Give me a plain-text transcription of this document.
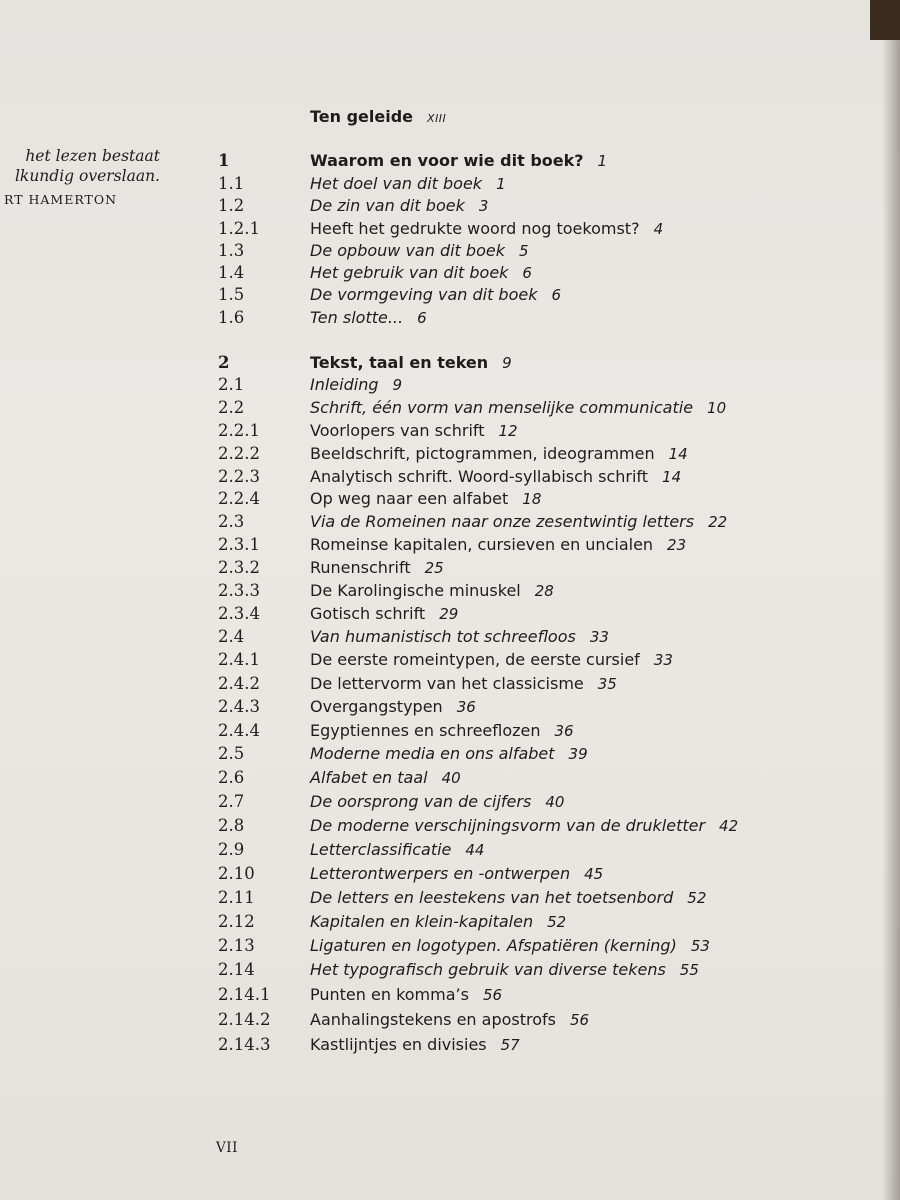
het lezen bestaat
lkundig overslaan.
RT HAMERTON
Ten geleide XIII
1	Waarom en voor wie dit boek? 1
1.1	Het doel van dit boek 1
1.2	De zin van dit boek 3
1.2.1	Heeft het gedrukte woord nog toekomst? 4
1.3	De opbouw van dit boek 5
1.4	Het gebruik van dit boek 6
1.5	De vormgeving van dit boek 6
1.6	Ten slotte... 6
2	Tekst, taal en teken 9
2.1	Inleiding 9
2.2	Schrift, één vorm van menselijke communicatie 10
2.2.1	Voorlopers van schrift 12
2.2.2	Beeldschrift, pictogrammen, ideogrammen 14
2.2.3	Analytisch schrift. Woord-syllabisch schrift 14
2.2.4	Op weg naar een alfabet 18
2.3	Via de Romeinen naar onze zesentwintig letters 22
2.3.1	Romeinse kapitalen, cursieven en uncialen 23
2.3.2	Runenschrift 25
2.3.3	De Karolingische minuskel 28
2.3.4	Gotisch schrift 29
2.4	Van humanistisch tot schreefloos 33
2.4.1	De eerste romeintypen, de eerste cursief 33
2.4.2	De lettervorm van het classicisme 35
2.4.3	Overgangstypen 36
2.4.4	Egyptiennes en schreeflozen 36
2.5	Moderne media en ons alfabet 39
2.6	Alfabet en taal 40
2.7	De oorsprong van de cijfers 40
2.8	De moderne verschijningsvorm van de drukletter 42
2.9	Letterclassificatie 44
2.10	Letterontwerpers en -ontwerpen 45
2.11	De letters en leestekens van het toetsenbord 52
2.12	Kapitalen en klein-kapitalen 52
2.13	Ligaturen en logotypen. Afspatiëren (kerning) 53
2.14	Het typografisch gebruik van diverse tekens 55
2.14.1	Punten en komma’s 56
2.14.2	Aanhalingstekens en apostrofs 56
2.14.3	Kastlijntjes en divisies 57
VII
